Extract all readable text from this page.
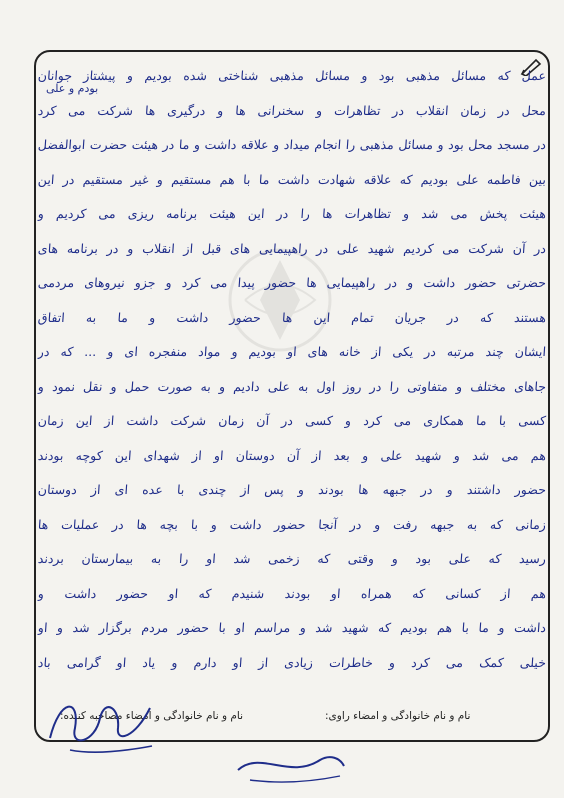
بودم و علی
عمل که مسائل مذهبی بود و مسائل مذهبی شناختی شده بودیم و پیشتاز جوانان
محل در زمان انقلاب در تظاهرات و سخنرانی ها و درگیری ها شرکت می کرد
در مسجد محل بود و مسائل مذهبی را انجام میداد و علاقه داشت و ما در هیئت حضرت ابوالفضل
بین فاطمه علی بودیم که علاقه شهادت داشت ما با هم مستقیم و غیر مستقیم در این
هیئت پخش می شد و تظاهرات ها را در این هیئت برنامه ریزی می کردیم و
در آن شرکت می کردیم شهید علی در راهپیمایی های قبل از انقلاب و در برنامه های
حضرتی حضور داشت و در راهپیمایی ها حضور پیدا می کرد و جزو نیروهای مردمی
هستند که در جریان تمام این ها حضور داشت و ما به اتفاق
ایشان چند مرتبه در یکی از خانه های او بودیم و مواد منفجره ای و ... که در
جاهای مختلف و متفاوتی را در روز اول به علی دادیم و به صورت حمل و نقل نمود و
کسی با ما همکاری می کرد و کسی در آن زمان شرکت داشت از این زمان
هم می شد و شهید علی و بعد از آن دوستان او از شهدای این کوچه بودند
حضور داشتند و در جبهه ها بودند و پس از چندی با عده ای از دوستان
زمانی که به جبهه رفت و در آنجا حضور داشت و با بچه ها در عملیات ها
رسید که علی بود و وقتی که زخمی شد او را به بیمارستان بردند
هم از کسانی که همراه او بودند شنیدم که او حضور داشت و
داشت و ما با هم بودیم که شهید شد و مراسم او با حضور مردم برگزار شد و او
خیلی کمک می کرد و خاطرات زیادی از او دارم و یاد او گرامی باد
نام و نام خانوادگی و امضاء مصاحبه کننده:	نام و نام خانوادگی و امضاء راوی:
